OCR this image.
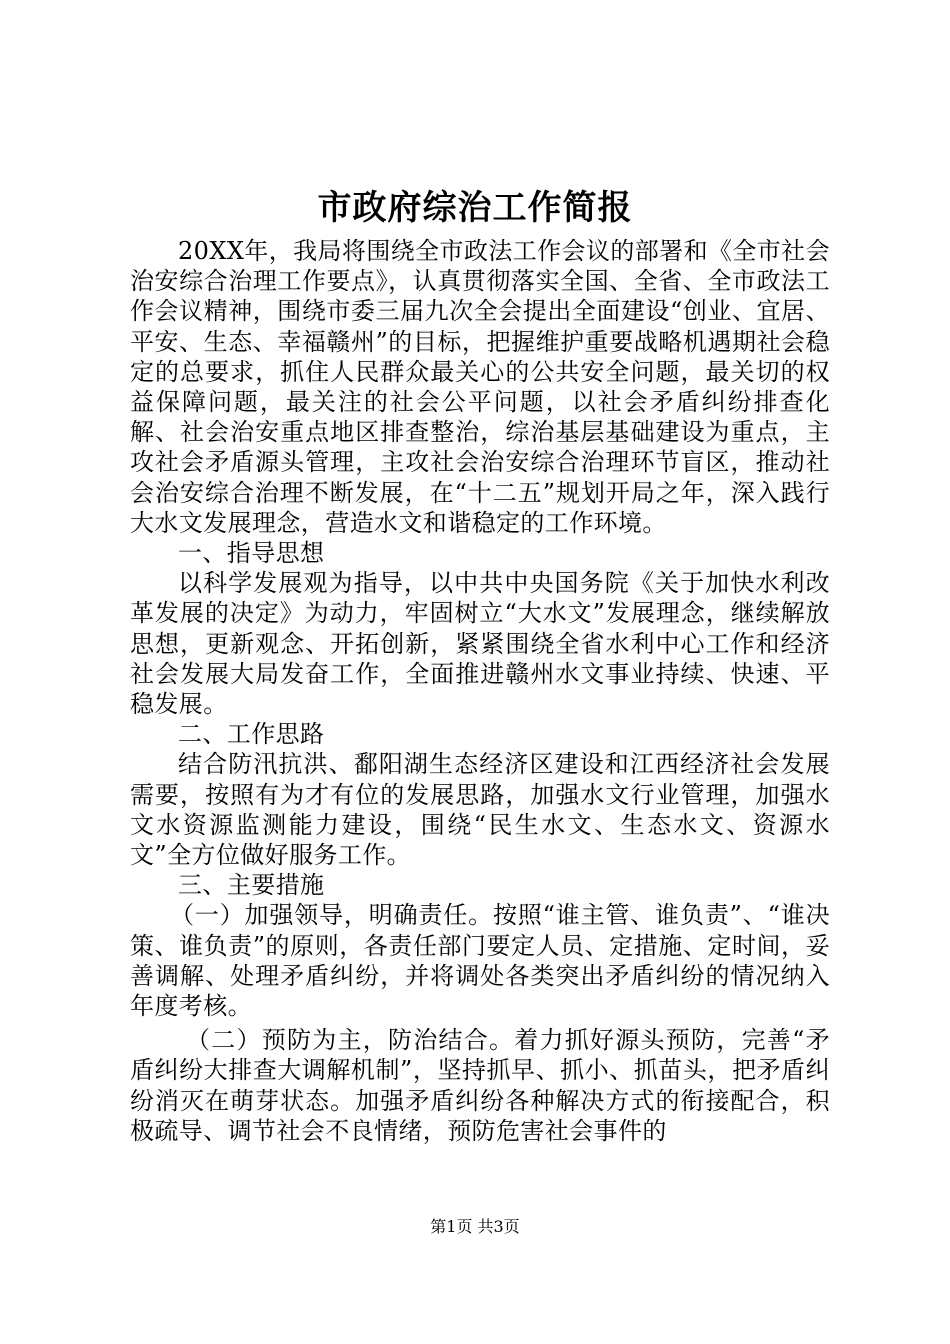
市政府综治工作简报

20XX年，我局将围绕全市政法工作会议的部署和《全市社会治安综合治理工作要点》，认真贯彻落实全国、全省、全市政法工作会议精神，围绕市委三届九次全会提出全面建设“创业、宜居、平安、生态、幸福赣州”的目标，把握维护重要战略机遇期社会稳定的总要求，抓住人民群众最关心的公共安全问题，最关切的权益保障问题，最关注的社会公平问题，以社会矛盾纠纷排查化解、社会治安重点地区排查整治，综治基层基础建设为重点，主攻社会矛盾源头管理，主攻社会治安综合治理环节盲区，推动社会治安综合治理不断发展，在“十二五”规划开局之年，深入践行大水文发展理念，营造水文和谐稳定的工作环境。

一、指导思想

以科学发展观为指导，以中共中央国务院《关于加快水利改革发展的决定》为动力，牢固树立“大水文”发展理念，继续解放思想，更新观念、开拓创新，紧紧围绕全省水利中心工作和经济社会发展大局发奋工作，全面推进赣州水文事业持续、快速、平稳发展。

二、工作思路

结合防汛抗洪、鄱阳湖生态经济区建设和江西经济社会发展需要，按照有为才有位的发展思路，加强水文行业管理，加强水文水资源监测能力建设，围绕“民生水文、生态水文、资源水文”全方位做好服务工作。

三、主要措施

（一）加强领导，明确责任。按照“谁主管、谁负责”、“谁决策、谁负责”的原则，各责任部门要定人员、定措施、定时间，妥善调解、处理矛盾纠纷，并将调处各类突出矛盾纠纷的情况纳入年度考核。

（二）预防为主，防治结合。着力抓好源头预防，完善“矛盾纠纷大排查大调解机制”，坚持抓早、抓小、抓苗头，把矛盾纠纷消灭在萌芽状态。加强矛盾纠纷各种解决方式的衔接配合，积极疏导、调节社会不良情绪，预防危害社会事件的

第1页 共3页
